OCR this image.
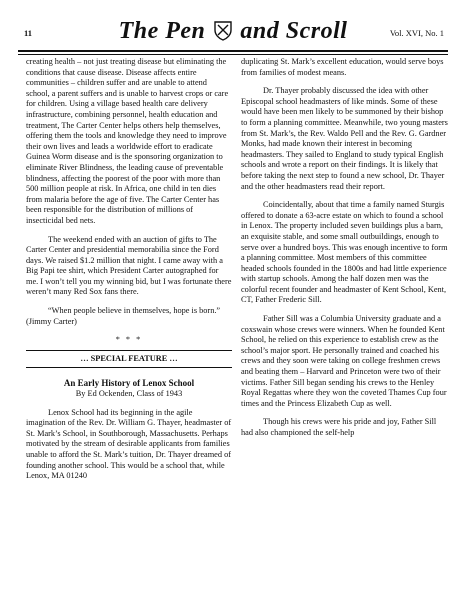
11	The Pen and Scroll	Vol. XVI, No. 1

creating health – not just treating disease but eliminating the conditions that cause disease. Disease affects entire communities – children suffer and are unable to attend school, a parent suffers and is unable to harvest crops or care for children. Using a village based health care delivery infrastructure, combining personnel, health education and treatment, The Carter Center helps others help themselves, offering them the tools and knowledge they need to improve their own lives and leads a worldwide effort to eradicate Guinea Worm disease and is the sponsoring organization to eliminate River Blindness, the leading cause of preventable blindness, affecting the poorest of the poor with more than 500 million people at risk. In Africa, one child in ten dies from malaria before the age of five. The Carter Center has been responsible for the distribution of millions of insecticidal bed nets.

The weekend ended with an auction of gifts to The Carter Center and presidential memorabilia since the Ford days. We raised $1.2 million that night. I came away with a Big Papi tee shirt, which President Carter autographed for me. I won’t tell you my winning bid, but I was fortunate there weren’t many Red Sox fans there.

“When people believe in themselves, hope is born.” (Jimmy Carter)

* * *
… SPECIAL FEATURE …
An Early History of Lenox School
By Ed Ockenden, Class of 1943

Lenox School had its beginning in the agile imagination of the Rev. Dr. William G. Thayer, headmaster of St. Mark’s School, in Southborough, Massachusetts. Perhaps motivated by the stream of desirable applicants from families unable to afford the St. Mark’s tuition, Dr. Thayer dreamed of founding another school. This would be a school that, while

Lenox, MA 01240

duplicating St. Mark’s excellent education, would serve boys from families of modest means.

Dr. Thayer probably discussed the idea with other Episcopal school headmasters of like minds. Some of these would have been men likely to be summoned by their bishop to form a planning committee. Meanwhile, two young masters from St. Mark’s, the Rev. Waldo Pell and the Rev. G. Gardner Monks, had made known their interest in becoming headmasters. They sailed to England to study typical English schools and wrote a report on their findings. It is likely that before taking the next step to found a new school, Dr. Thayer and the other headmasters read their report.

Coincidentally, about that time a family named Sturgis offered to donate a 63-acre estate on which to found a school in Lenox. The property included seven buildings plus a barn, an exquisite stable, and some small outbuildings, enough to serve over a hundred boys. This was enough incentive to form a planning committee. Most members of this committee headed schools founded in the 1800s and had little experience with startup schools. Among the half dozen men was the colorful recent founder and headmaster of Kent School, Kent, CT, Father Frederic Sill.

Father Sill was a Columbia University graduate and a coxswain whose crews were winners. When he founded Kent School, he relied on this experience to establish crew as the school’s major sport. He personally trained and coached his crews and they soon were taking on college freshmen crews and beating them – Harvard and Princeton were two of their victims. Father Sill began sending his crews to the Henley Royal Regattas where they won the coveted Thames Cup four times and the Princess Elizabeth Cup as well.

Though his crews were his pride and joy, Father Sill had also championed the self-help
